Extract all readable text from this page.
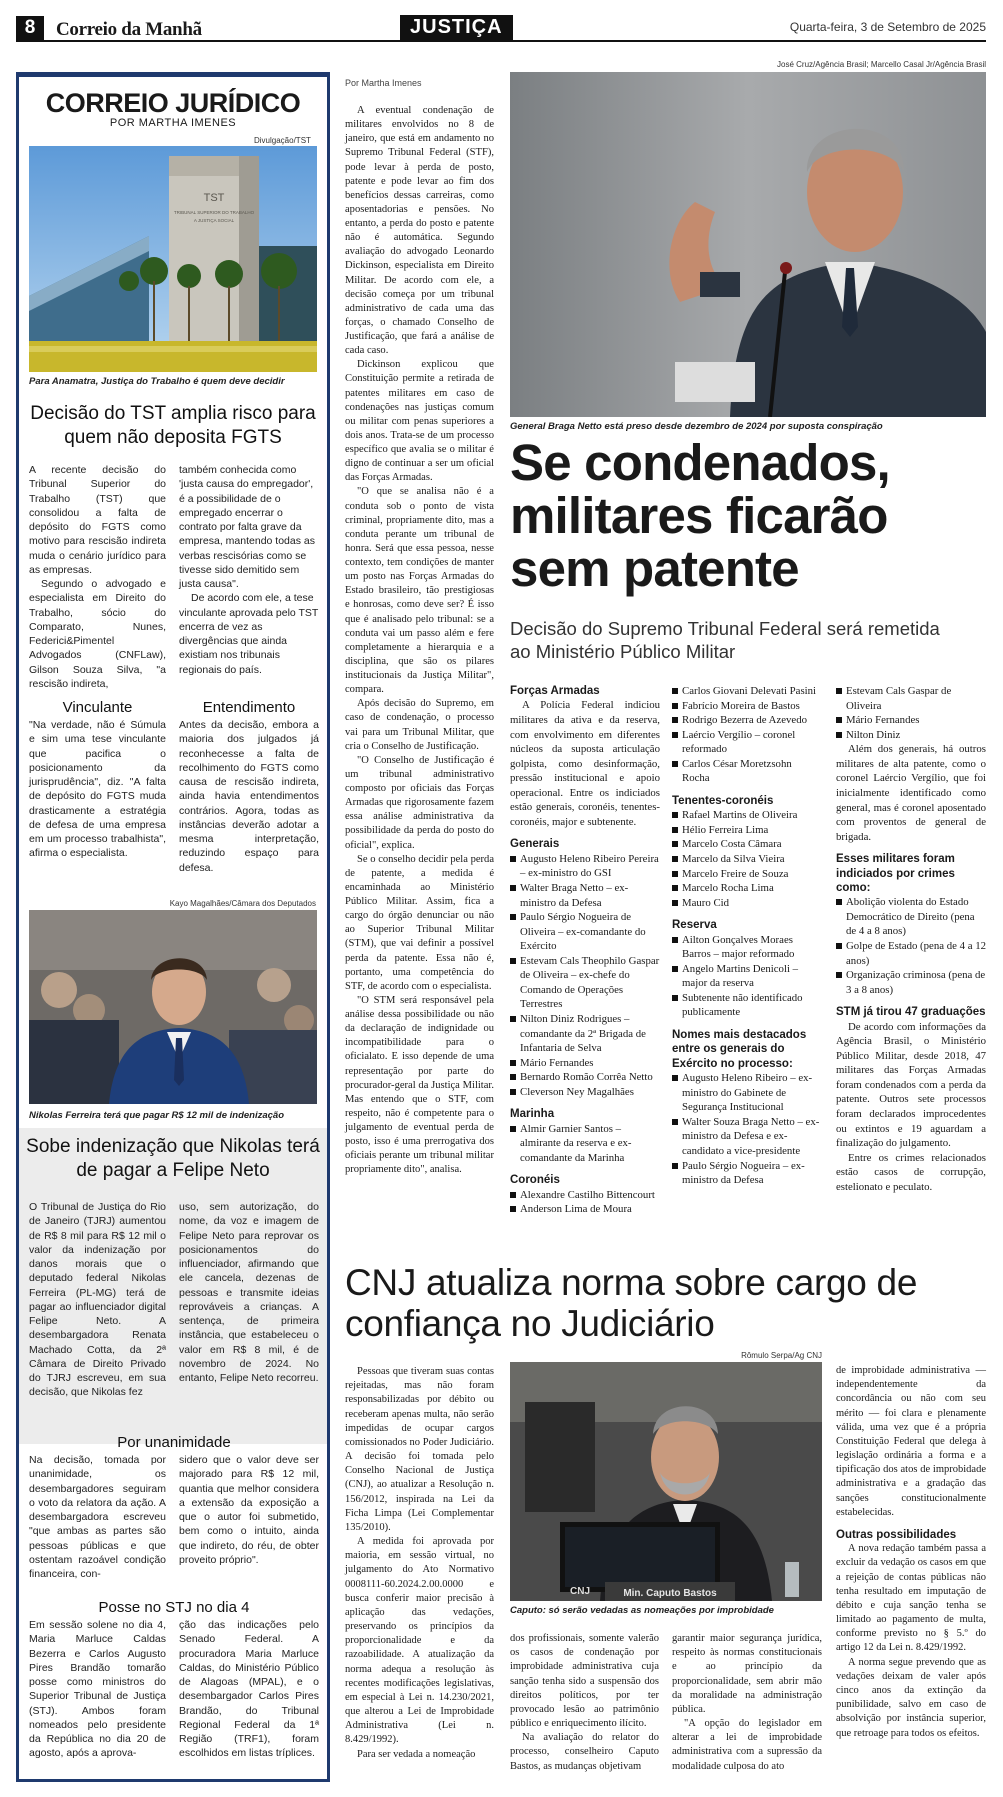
8	Correio da Manhã	JUSTIÇA	Quarta-feira, 3 de Setembro de 2025
CORREIO JURÍDICO
POR MARTHA IMENES
Divulgação/TST
TST
TRIBUNAL SUPERIOR DO TRABALHO
A JUSTIÇA SOCIAL
Para Anamatra, Justiça do Trabalho é quem deve decidir
Decisão do TST amplia risco para quem não deposita FGTS

A recente decisão do Tribunal Superior do Trabalho (TST) que consolidou a falta de depósito do FGTS como motivo para rescisão indireta muda o cenário jurídico para as empresas.

Segundo o advogado e especialista em Direito do Trabalho, sócio do Comparato, Nunes, Federici&Pimentel Advogados (CNFLaw), Gilson Souza Silva, "a rescisão indireta,

também conhecida como 'justa causa do empregador', é a possibilidade de o empregado encerrar o contrato por falta grave da empresa, mantendo todas as verbas rescisórias como se tivesse sido demitido sem justa causa".

De acordo com ele, a tese vinculante aprovada pelo TST encerra de vez as divergências que ainda existiam nos tribunais regionais do país.

Vinculante
"Na verdade, não é Súmula e sim uma tese vinculante que pacifica o posicionamento da jurisprudência", diz. "A falta de depósito do FGTS muda drasticamente a estratégia de defesa de uma empresa em um processo trabalhista", afirma o especialista.
Entendimento
Antes da decisão, embora a maioria dos julgados já reconhecesse a falta de recolhimento do FGTS como causa de rescisão indireta, ainda havia entendimentos contrários. Agora, todas as instâncias deverão adotar a mesma interpretação, reduzindo espaço para defesa.
Kayo Magalhães/Câmara dos Deputados
Nikolas Ferreira terá que pagar R$ 12 mil de indenização
Sobe indenização que Nikolas terá de pagar a Felipe Neto
O Tribunal de Justiça do Rio de Janeiro (TJRJ) aumentou de R$ 8 mil para R$ 12 mil o valor da indenização por danos morais que o deputado federal Nikolas Ferreira (PL-MG) terá de pagar ao influenciador digital Felipe Neto. A desembargadora Renata Machado Cotta, da 2ª Câmara de Direito Privado do TJRJ escreveu, em sua decisão, que Nikolas fez
uso, sem autorização, do nome, da voz e imagem de Felipe Neto para reprovar os posicionamentos do influenciador, afirmando que ele cancela, dezenas de pessoas e transmite ideias reprováveis a crianças. A sentença, de primeira instância, que estabeleceu o valor em R$ 8 mil, é de novembro de 2024. No entanto, Felipe Neto recorreu.
Por unanimidade
Na decisão, tomada por unanimidade, os desembargadores seguiram o voto da relatora da ação. A desembargadora escreveu "que ambas as partes são pessoas públicas e que ostentam razoável condição financeira, con-
sidero que o valor deve ser majorado para R$ 12 mil, quantia que melhor considera a extensão da exposição a que o autor foi submetido, bem como o intuito, ainda que indireto, do réu, de obter proveito próprio".
Posse no STJ no dia 4
Em sessão solene no dia 4, Maria Marluce Caldas Bezerra e Carlos Augusto Pires Brandão tomarão posse como ministros do Superior Tribunal de Justiça (STJ). Ambos foram nomeados pelo presidente da República no dia 20 de agosto, após a aprova-
ção das indicações pelo Senado Federal. A procuradora Maria Marluce Caldas, do Ministério Público de Alagoas (MPAL), e o desembargador Carlos Pires Brandão, do Tribunal Regional Federal da 1ª Região (TRF1), foram escolhidos em listas tríplices.
Por Martha Imenes

A eventual condenação de militares envolvidos no 8 de janeiro, que está em andamento no Supremo Tribunal Federal (STF), pode levar à perda de posto, patente e pode levar ao fim dos benefícios dessas carreiras, como aposentadorias e pensões. No entanto, a perda do posto e patente não é automática. Segundo avaliação do advogado Leonardo Dickinson, especialista em Direito Militar. De acordo com ele, a decisão começa por um tribunal administrativo de cada uma das forças, o chamado Conselho de Justificação, que fará a análise de cada caso.

Dickinson explicou que Constituição permite a retirada de patentes militares em caso de condenações nas justiças comum ou militar com penas superiores a dois anos. Trata-se de um processo específico que avalia se o militar é digno de continuar a ser um oficial das Forças Armadas.

"O que se analisa não é a conduta sob o ponto de vista criminal, propriamente dito, mas a conduta perante um tribunal de honra. Será que essa pessoa, nesse contexto, tem condições de manter um posto nas Forças Armadas do Estado brasileiro, tão prestigiosas e honrosas, como deve ser? É isso que é analisado pelo tribunal: se a conduta vai um passo além e fere completamente a hierarquia e a disciplina, que são os pilares institucionais da Justiça Militar", compara.

Após decisão do Supremo, em caso de condenação, o processo vai para um Tribunal Militar, que cria o Conselho de Justificação.

"O Conselho de Justificação é um tribunal administrativo composto por oficiais das Forças Armadas que rigorosamente fazem essa análise administrativa da possibilidade da perda do posto do oficial", explica.

Se o conselho decidir pela perda de patente, a medida é encaminhada ao Ministério Público Militar. Assim, fica a cargo do órgão denunciar ou não ao Superior Tribunal Militar (STM), que vai definir a possível perda da patente. Essa não é, portanto, uma competência do STF, de acordo com o especialista.

"O STM será responsável pela análise dessa possibilidade ou não da declaração de indignidade ou incompatibilidade para o oficialato. E isso depende de uma representação por parte do procurador-geral da Justiça Militar. Mas entendo que o STF, com respeito, não é competente para o julgamento de eventual perda de posto, isso é uma prerrogativa dos oficiais perante um tribunal militar propriamente dito", analisa.

José Cruz/Agência Brasil; Marcello Casal Jr/Agência Brasil
General Braga Netto está preso desde dezembro de 2024 por suposta conspiração
Se condenados, militares ficarão sem patente
Decisão do Supremo Tribunal Federal será remetida ao Ministério Público Militar
Forças Armadas

A Polícia Federal indiciou militares da ativa e da reserva, com envolvimento em diferentes núcleos da suposta articulação golpista, como desinformação, pressão institucional e apoio operacional. Entre os indiciados estão generais, coronéis, tenentes-coronéis, major e subtenente.

Generais
Augusto Heleno Ribeiro Pereira – ex-ministro do GSI
Walter Braga Netto – ex-ministro da Defesa
Paulo Sérgio Nogueira de Oliveira – ex-comandante do Exército
Estevam Cals Theophilo Gaspar de Oliveira – ex-chefe do Comando de Operações Terrestres
Nilton Diniz Rodrigues – comandante da 2ª Brigada de Infantaria de Selva
Mário Fernandes
Bernardo Romão Corrêa Netto
Cleverson Ney Magalhães
Marinha
Almir Garnier Santos – almirante da reserva e ex-comandante da Marinha
Coronéis
Alexandre Castilho Bittencourt
Anderson Lima de Moura
Carlos Giovani Delevati Pasini
Fabrício Moreira de Bastos
Rodrigo Bezerra de Azevedo
Laércio Vergílio – coronel reformado
Carlos César Moretzsohn Rocha
Tenentes-coronéis
Rafael Martins de Oliveira
Hélio Ferreira Lima
Marcelo Costa Câmara
Marcelo da Silva Vieira
Marcelo Freire de Souza
Marcelo Rocha Lima
Mauro Cid
Reserva
Ailton Gonçalves Moraes Barros – major reformado
Angelo Martins Denicoli – major da reserva
Subtenente não identificado publicamente
Nomes mais destacados entre os generais do Exército no processo:
Augusto Heleno Ribeiro – ex-ministro do Gabinete de Segurança Institucional
Walter Souza Braga Netto – ex-ministro da Defesa e ex-candidato a vice-presidente
Paulo Sérgio Nogueira – ex-ministro da Defesa
Estevam Cals Gaspar de Oliveira
Mário Fernandes
Nilton Diniz

Além dos generais, há outros militares de alta patente, como o coronel Laércio Vergílio, que foi inicialmente identificado como general, mas é coronel aposentado com proventos de general de brigada.

Esses militares foram indiciados por crimes como:
Abolição violenta do Estado Democrático de Direito (pena de 4 a 8 anos)
Golpe de Estado (pena de 4 a 12 anos)
Organização criminosa (pena de 3 a 8 anos)
STM já tirou 47 graduações

De acordo com informações da Agência Brasil, o Ministério Público Militar, desde 2018, 47 militares das Forças Armadas foram condenados com a perda da patente. Outros sete processos foram declarados improcedentes ou extintos e 19 aguardam a finalização do julgamento.

Entre os crimes relacionados estão casos de corrupção, estelionato e peculato.

CNJ atualiza norma sobre cargo de confiança no Judiciário

Pessoas que tiveram suas contas rejeitadas, mas não foram responsabilizadas por débito ou receberam apenas multa, não serão impedidas de ocupar cargos comissionados no Poder Judiciário. A decisão foi tomada pelo Conselho Nacional de Justiça (CNJ), ao atualizar a Resolução n. 156/2012, inspirada na Lei da Ficha Limpa (Lei Complementar 135/2010).

A medida foi aprovada por maioria, em sessão virtual, no julgamento do Ato Normativo 0008111-60.2024.2.00.0000 e busca conferir maior precisão à aplicação das vedações, preservando os princípios da proporcionalidade e da razoabilidade. A atualização da norma adequa a resolução às recentes modificações legislativas, em especial à Lei n. 14.230/2021, que alterou a Lei de Improbidade Administrativa (Lei n. 8.429/1992).

Para ser vedada a nomeação

Rômulo Serpa/Ag CNJ
Min. Caputo Bastos
CNJ
Caputo: só serão vedadas as nomeações por improbidade

dos profissionais, somente valerão os casos de condenação por improbidade administrativa cuja sanção tenha sido a suspensão dos direitos políticos, por ter provocado lesão ao patrimônio público e enriquecimento ilícito.

Na avaliação do relator do processo, conselheiro Caputo Bastos, as mudanças objetivam

garantir maior segurança jurídica, respeito às normas constitucionais e ao princípio da proporcionalidade, sem abrir mão da moralidade na administração pública.

"A opção do legislador em alterar a lei de improbidade administrativa com a supressão da modalidade culposa do ato

de improbidade administrativa — independentemente da concordância ou não com seu mérito — foi clara e plenamente válida, uma vez que é a própria Constituição Federal que delega à legislação ordinária a forma e a tipificação dos atos de improbidade administrativa e a gradação das sanções constitucionalmente estabelecidas.

Outras possibilidades

A nova redação também passa a excluir da vedação os casos em que a rejeição de contas públicas não tenha resultado em imputação de débito e cuja sanção tenha se limitado ao pagamento de multa, conforme previsto no § 5.º do artigo 12 da Lei n. 8.429/1992.

A norma segue prevendo que as vedações deixam de valer após cinco anos da extinção da punibilidade, salvo em caso de absolvição por instância superior, que retroage para todos os efeitos.
